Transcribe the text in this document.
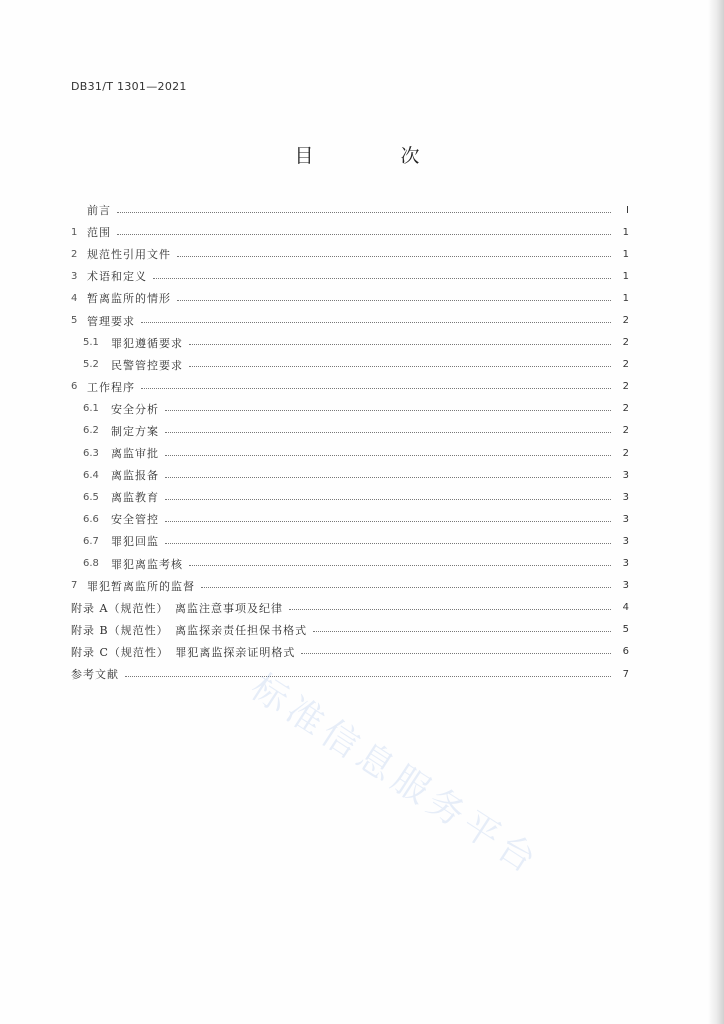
DB31/T 1301—2021
目　次
前言	Ⅰ
1 范围	1
2 规范性引用文件	1
3 术语和定义	1
4 暂离监所的情形	1
5 管理要求	2
5.1	罪犯遵循要求	2
5.2	民警管控要求	2
6 工作程序	2
6.1	安全分析	2
6.2	制定方案	2
6.3	离监审批	2
6.4	离监报备	3
6.5	离监教育	3
6.6	安全管控	3
6.7	罪犯回监	3
6.8	罪犯离监考核	3
7 罪犯暂离监所的监督	3
附录 A（规范性）　离监注意事项及纪律	4
附录 B（规范性）　离监探亲责任担保书格式	5
附录 C（规范性）　罪犯离监探亲证明格式	6
参考文献	7
标准信息服务平台
